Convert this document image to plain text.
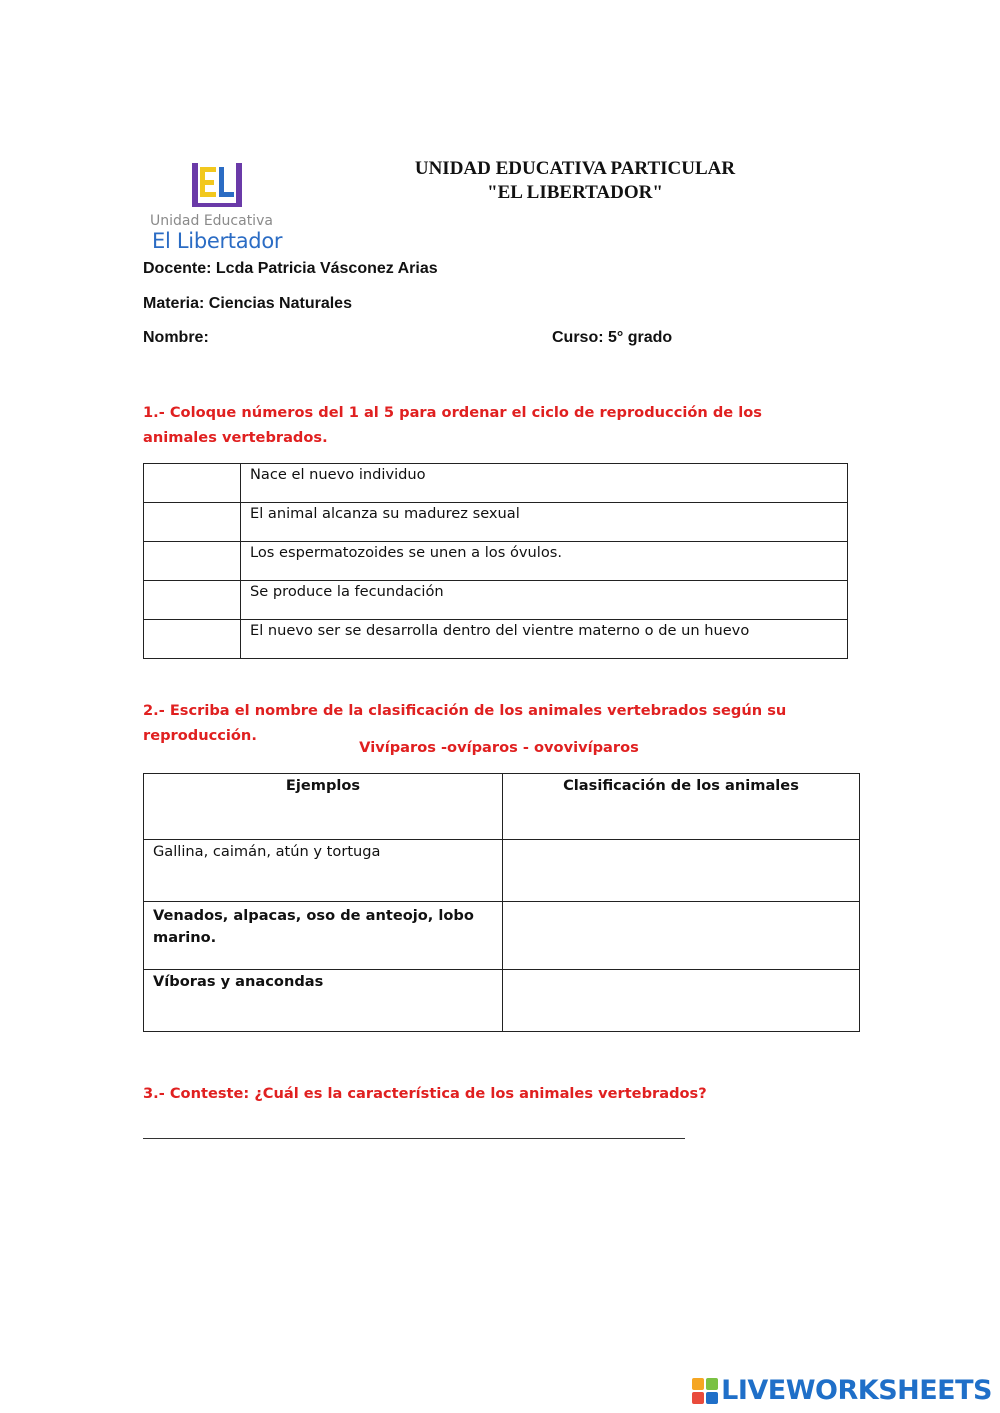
Unidad Educativa
El Libertador
UNIDAD EDUCATIVA PARTICULAR
"EL LIBERTADOR"
Docente: Lcda Patricia Vásconez Arias
Materia: Ciencias Naturales
Nombre:	Curso: 5° grado
1.- Coloque números del 1 al 5 para ordenar el ciclo de reproducción de los animales vertebrados.
	Nace el nuevo individuo
	El animal alcanza su madurez sexual
	Los espermatozoides se unen a los óvulos.
	Se produce la fecundación
	El nuevo ser se desarrolla dentro del vientre materno o de un huevo
2.- Escriba el nombre de la clasificación de los animales vertebrados según su reproducción.
Vivíparos -ovíparos - ovovivíparos
Ejemplos	Clasificación de los animales
Gallina, caimán, atún y tortuga	
Venados, alpacas, oso de anteojo, lobo marino.	
Víboras y anacondas	
3.- Conteste: ¿Cuál es la característica de los animales vertebrados?
LIVEWORKSHEETS
